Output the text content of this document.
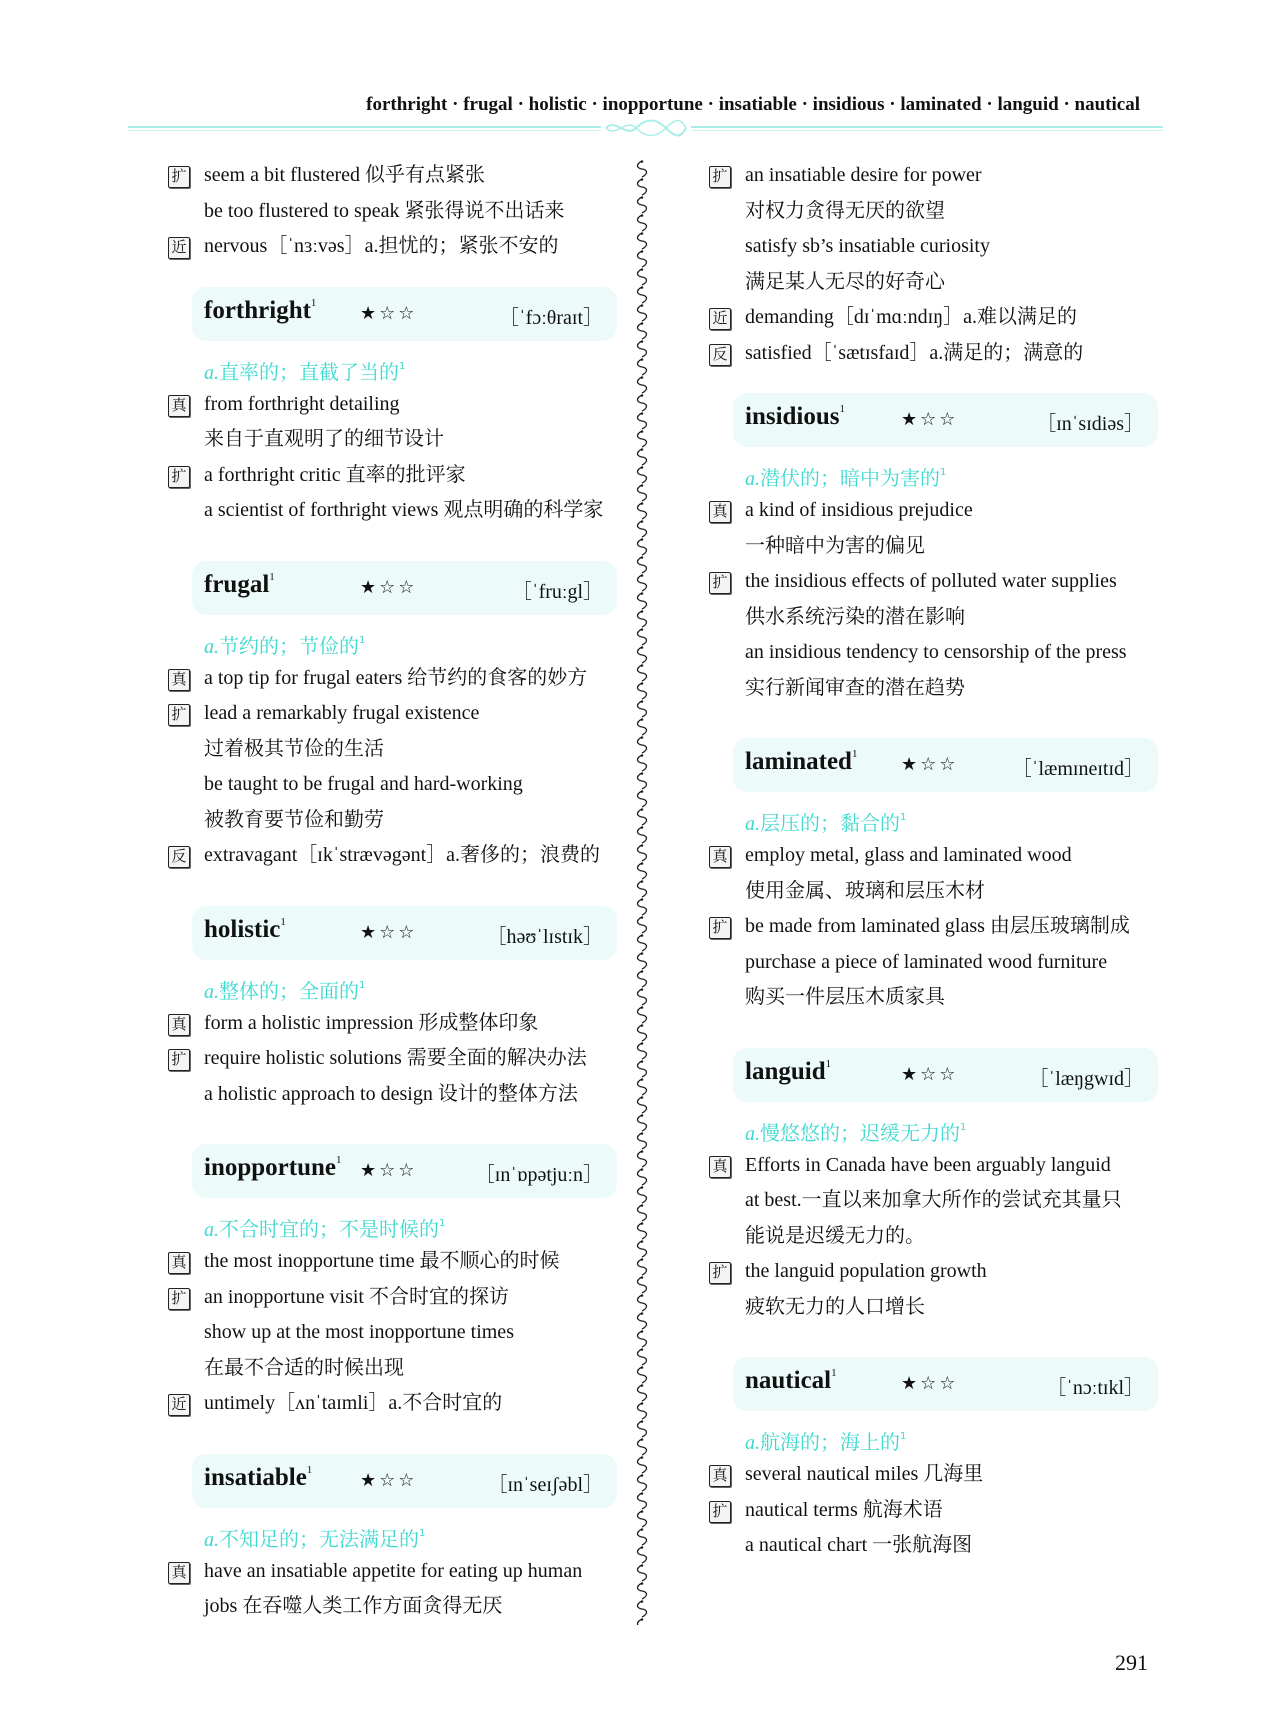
forthright · frugal · holistic · inopportune · insatiable · insidious · laminated · languid · nautical
扩 seem a bit flustered 似乎有点紧张
be too flustered to speak 紧张得说不出话来
近 nervous［ˈnɜːvəs］a.担忧的；紧张不安的
forthright$^1$ ★☆☆	［ˈfɔːθraɪt］
a.直率的；直截了当的$^1$
真 from forthright detailing
来自于直观明了的细节设计
扩 a forthright critic 直率的批评家
a scientist of forthright views 观点明确的科学家
frugal$^1$	★☆☆	［ˈfruːgl］
a.节约的；节俭的$^1$
真 a top tip for frugal eaters 给节约的食客的妙方
扩 lead a remarkably frugal existence
过着极其节俭的生活
be taught to be frugal and hard-working
被教育要节俭和勤劳
反 extravagant［ɪkˈstrævəgənt］a.奢侈的；浪费的
holistic$^1$	★☆☆	［həʊˈlɪstɪk］
a.整体的；全面的$^1$
真 form a holistic impression 形成整体印象
扩 require holistic solutions 需要全面的解决办法
a holistic approach to design 设计的整体方法
inopportune$^1$ ★☆☆	［ɪnˈɒpətjuːn］
a.不合时宜的；不是时候的$^1$
真 the most inopportune time 最不顺心的时候
扩 an inopportune visit 不合时宜的探访
show up at the most inopportune times
在最不合适的时候出现
近 untimely［ʌnˈtaɪmli］a.不合时宜的
insatiable$^1$	★☆☆	［ɪnˈseɪʃəbl］
a.不知足的；无法满足的$^1$
真 have an insatiable appetite for eating up human
jobs 在吞噬人类工作方面贪得无厌
扩 an insatiable desire for power
对权力贪得无厌的欲望
satisfy sb’s insatiable curiosity
满足某人无尽的好奇心
近 demanding［dɪˈmɑːndɪŋ］a.难以满足的
反 satisfied［ˈsætɪsfaɪd］a.满足的；满意的
insidious$^1$	★☆☆	［ɪnˈsɪdiəs］
a.潜伏的；暗中为害的$^1$
真 a kind of insidious prejudice
一种暗中为害的偏见
扩 the insidious effects of polluted water supplies
供水系统污染的潜在影响
an insidious tendency to censorship of the press
实行新闻审查的潜在趋势
laminated$^1$ ★☆☆	［ˈlæmɪneɪtɪd］
a.层压的；黏合的$^1$
真 employ metal, glass and laminated wood
使用金属、玻璃和层压木材
扩 be made from laminated glass 由层压玻璃制成
purchase a piece of laminated wood furniture
购买一件层压木质家具
languid$^1$	★☆☆	［ˈlæŋgwɪd］
a.慢悠悠的；迟缓无力的$^1$
真 Efforts in Canada have been arguably languid
at best.一直以来加拿大所作的尝试充其量只
能说是迟缓无力的。
扩 the languid population growth
疲软无力的人口增长
nautical$^1$	★☆☆	［ˈnɔːtɪkl］
a.航海的；海上的$^1$
真 several nautical miles 几海里
扩 nautical terms 航海术语
a nautical chart 一张航海图
291
